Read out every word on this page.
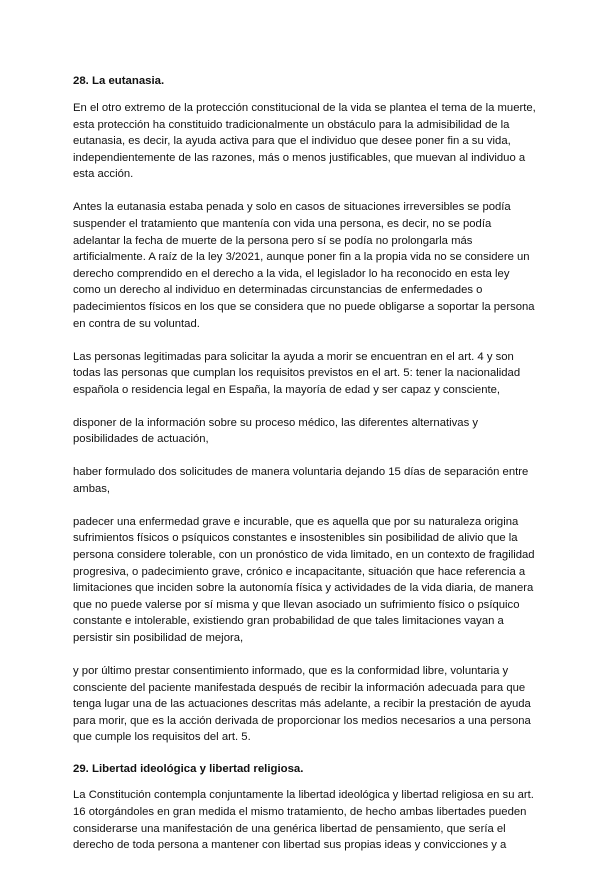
28. La eutanasia.

En el otro extremo de la protección constitucional de la vida se plantea el tema de la muerte, esta protección ha constituido tradicionalmente un obstáculo para la admisibilidad de la eutanasia, es decir, la ayuda activa para que el individuo que desee poner fin a su vida, independientemente de las razones, más o menos justificables, que muevan al individuo a esta acción.

Antes la eutanasia estaba penada y solo en casos de situaciones irreversibles se podía suspender el tratamiento que mantenía con vida una persona, es decir, no se podía adelantar la fecha de muerte de la persona pero sí se podía no prolongarla más artificialmente. A raíz de la ley 3/2021, aunque poner fin a la propia vida no se considere un derecho comprendido en el derecho a la vida, el legislador lo ha reconocido en esta ley como un derecho al individuo en determinadas circunstancias de enfermedades o padecimientos físicos en los que se considera que no puede obligarse a soportar la persona en contra de su voluntad.

Las personas legitimadas para solicitar la ayuda a morir se encuentran en el art. 4 y son todas las personas que cumplan los requisitos previstos en el art. 5: tener la nacionalidad española o residencia legal en España, la mayoría de edad y ser capaz y consciente,

disponer de la información sobre su proceso médico, las diferentes alternativas y posibilidades de actuación,

haber formulado dos solicitudes de manera voluntaria dejando 15 días de separación entre ambas,

padecer una enfermedad grave e incurable, que es aquella que por su naturaleza origina sufrimientos físicos o psíquicos constantes e insostenibles sin posibilidad de alivio que la persona considere tolerable, con un pronóstico de vida limitado, en un contexto de fragilidad progresiva, o padecimiento grave, crónico e incapacitante, situación que hace referencia a limitaciones que inciden sobre la autonomía física y actividades de la vida diaria, de manera que no puede valerse por sí misma y que llevan asociado un sufrimiento físico o psíquico constante e intolerable, existiendo gran probabilidad de que tales limitaciones vayan a persistir sin posibilidad de mejora,

y por último prestar consentimiento informado, que es la conformidad libre, voluntaria y consciente del paciente manifestada después de recibir la información adecuada para que tenga lugar una de las actuaciones descritas más adelante, a recibir la prestación de ayuda para morir, que es la acción derivada de proporcionar los medios necesarios a una persona que cumple los requisitos del art. 5.

29. Libertad ideológica y libertad religiosa.

La Constitución contempla conjuntamente la libertad ideológica y libertad religiosa en su art. 16 otorgándoles en gran medida el mismo tratamiento, de hecho ambas libertades pueden considerarse una manifestación de una genérica libertad de pensamiento, que sería el derecho de toda persona a mantener con libertad sus propias ideas y convicciones y a
